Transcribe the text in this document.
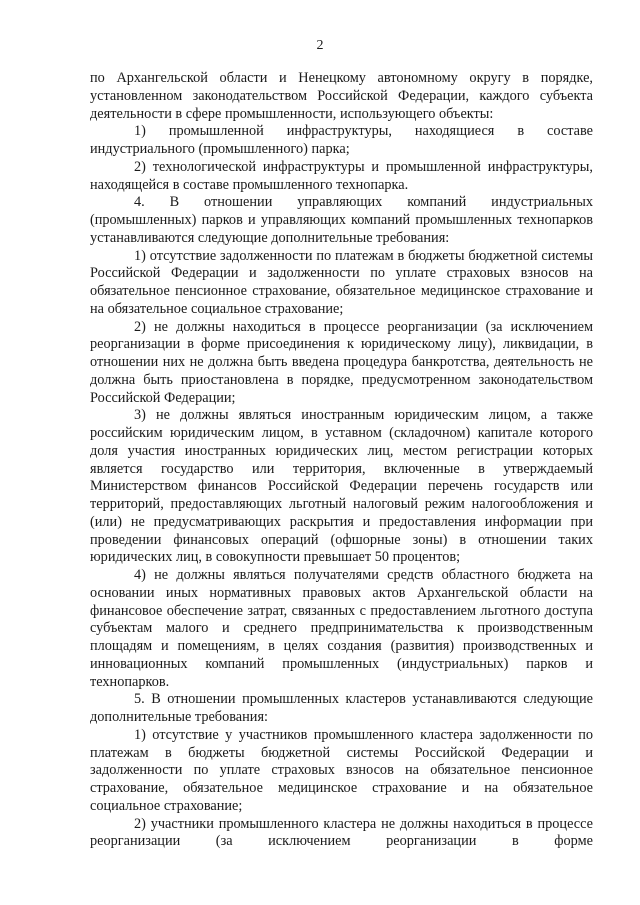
2

по Архангельской области и Ненецкому автономному округу в порядке, установленном законодательством Российской Федерации, каждого субъекта деятельности в сфере промышленности, использующего объекты:

1) промышленной инфраструктуры, находящиеся в составе индустриального (промышленного) парка;

2) технологической инфраструктуры и промышленной инфраструктуры, находящейся в составе промышленного технопарка.

4. В отношении управляющих компаний индустриальных (промышленных) парков и управляющих компаний промышленных технопарков устанавливаются следующие дополнительные требования:

1) отсутствие задолженности по платежам в бюджеты бюджетной системы Российской Федерации и задолженности по уплате страховых взносов на обязательное пенсионное страхование, обязательное медицинское страхование и на обязательное социальное страхование;

2) не должны находиться в процессе реорганизации (за исключением реорганизации в форме присоединения к юридическому лицу), ликвидации, в отношении них не должна быть введена процедура банкротства, деятельность не должна быть приостановлена в порядке, предусмотренном законодательством Российской Федерации;

3) не должны являться иностранным юридическим лицом, а также российским юридическим лицом, в уставном (складочном) капитале которого доля участия иностранных юридических лиц, местом регистрации которых является государство или территория, включенные в утверждаемый Министерством финансов Российской Федерации перечень государств или территорий, предоставляющих льготный налоговый режим налогообложения и (или) не предусматривающих раскрытия и предоставления информации при проведении финансовых операций (офшорные зоны) в отношении таких юридических лиц, в совокупности превышает 50 процентов;

4) не должны являться получателями средств областного бюджета на основании иных нормативных правовых актов Архангельской области на финансовое обеспечение затрат, связанных с предоставлением льготного доступа субъектам малого и среднего предпринимательства к производственным площадям и помещениям, в целях создания (развития) производственных и инновационных компаний промышленных (индустриальных) парков и технопарков.

5. В отношении промышленных кластеров устанавливаются следующие дополнительные требования:

1) отсутствие у участников промышленного кластера задолженности по платежам в бюджеты бюджетной системы Российской Федерации и задолженности по уплате страховых взносов на обязательное пенсионное страхование, обязательное медицинское страхование и на обязательное социальное страхование;

2) участники промышленного кластера не должны находиться в процессе реорганизации (за исключением реорганизации в форме
